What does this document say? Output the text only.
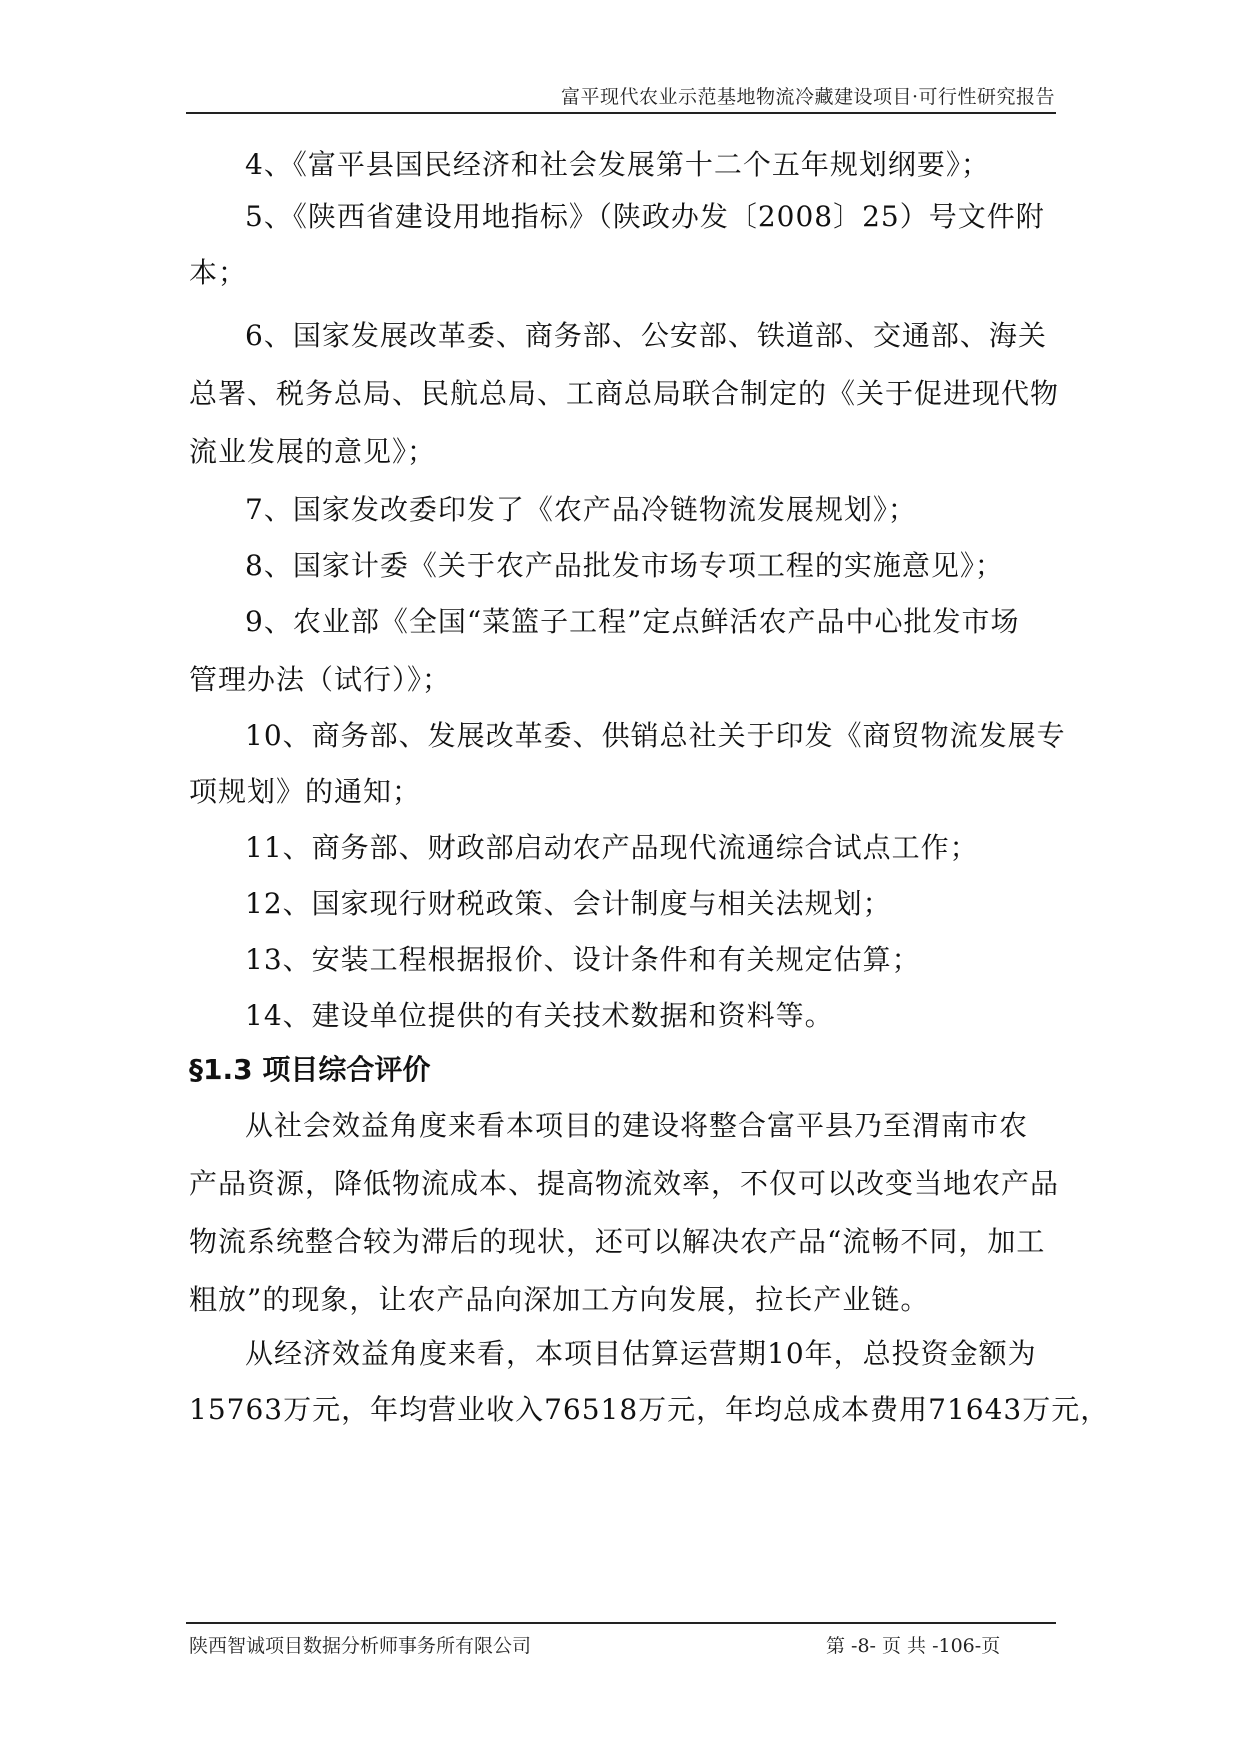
富平现代农业示范基地物流冷藏建设项目·可行性研究报告

4、《富平县国民经济和社会发展第十二个五年规划纲要》；

5、《陕西省建设用地指标》（陕政办发〔2008〕25）号文件附

本；

6、国家发展改革委、商务部、公安部、铁道部、交通部、海关

总署、税务总局、民航总局、工商总局联合制定的《关于促进现代物

流业发展的意见》；

7、国家发改委印发了《农产品冷链物流发展规划》；

8、国家计委《关于农产品批发市场专项工程的实施意见》；

9、农业部《全国“菜篮子工程”定点鲜活农产品中心批发市场

管理办法（试行）》；

10、商务部、发展改革委、供销总社关于印发《商贸物流发展专

项规划》的通知；

11、商务部、财政部启动农产品现代流通综合试点工作；

12、国家现行财税政策、会计制度与相关法规划；

13、安装工程根据报价、设计条件和有关规定估算；

14、建设单位提供的有关技术数据和资料等。

§1.3 项目综合评价

从社会效益角度来看本项目的建设将整合富平县乃至渭南市农

产品资源，降低物流成本、提高物流效率，不仅可以改变当地农产品

物流系统整合较为滞后的现状，还可以解决农产品“流畅不同，加工

粗放”的现象，让农产品向深加工方向发展，拉长产业链。

从经济效益角度来看，本项目估算运营期10年，总投资金额为

15763万元，年均营业收入76518万元，年均总成本费用71643万元，

陕西智诚项目数据分析师事务所有限公司	第 -8- 页 共 -106-页
